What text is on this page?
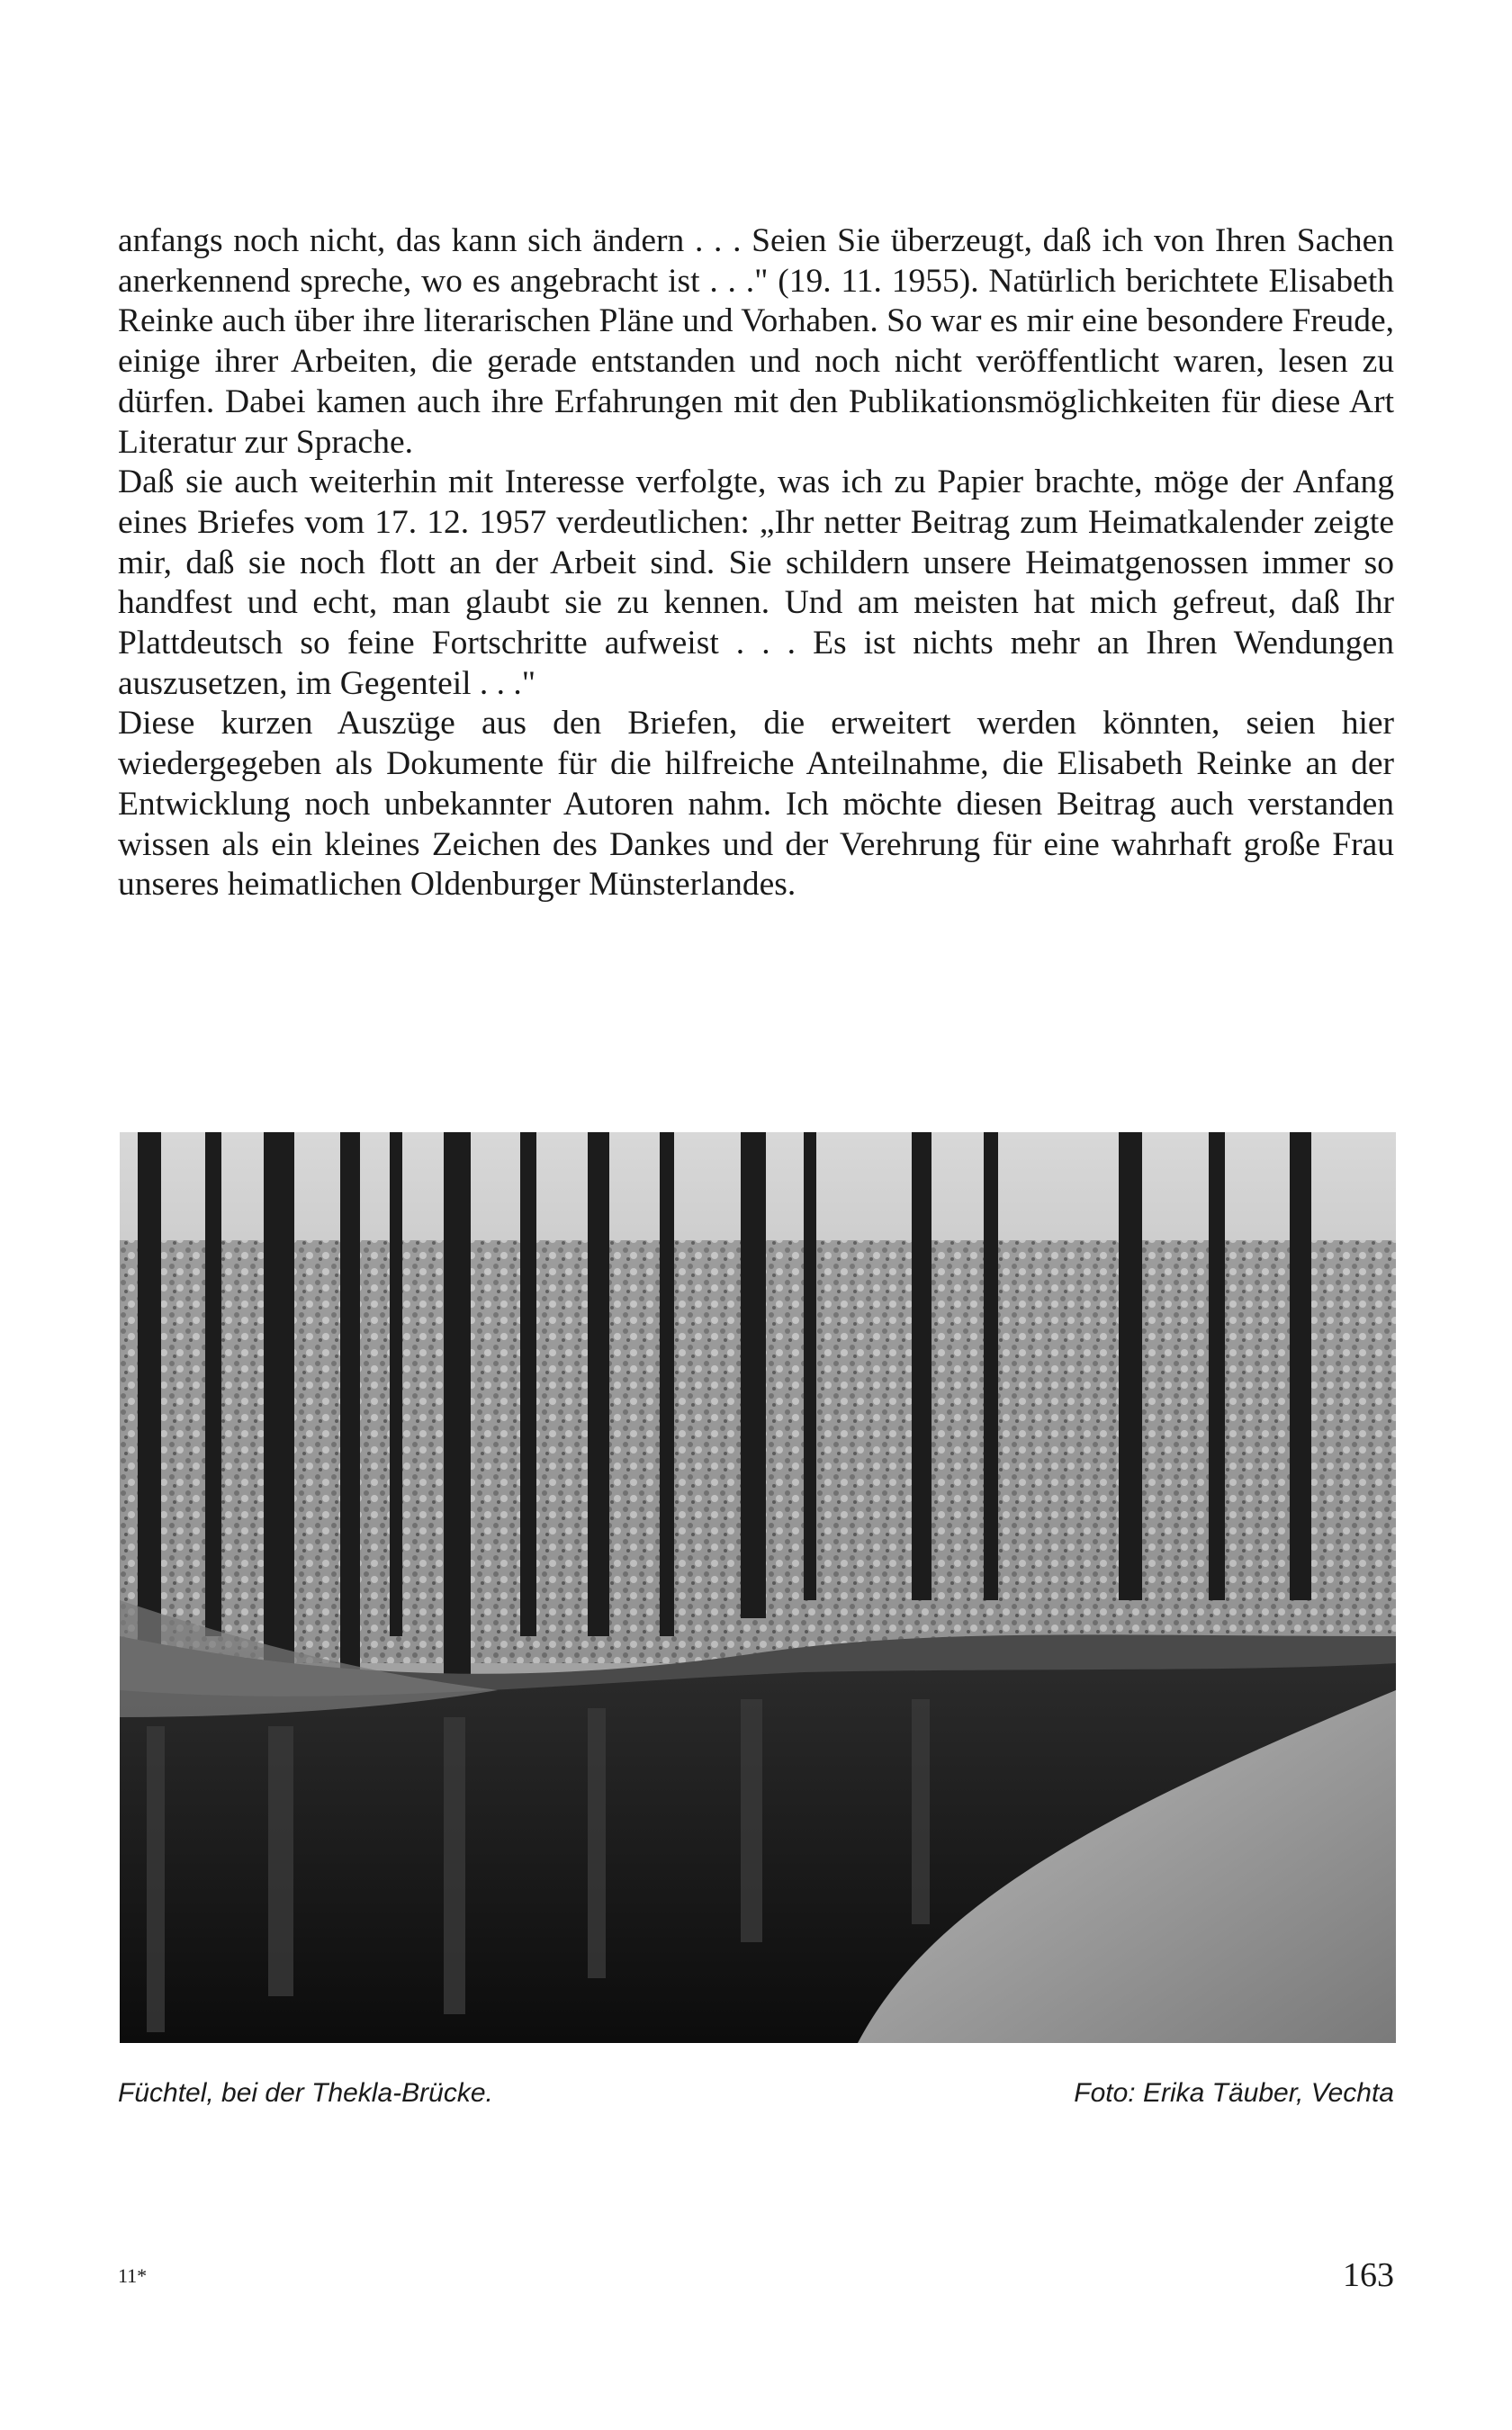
anfangs noch nicht, das kann sich ändern . . . Seien Sie überzeugt, daß ich von Ihren Sachen anerkennend spreche, wo es angebracht ist . . ." (19. 11. 1955). Natürlich berichtete Elisabeth Reinke auch über ihre literarischen Pläne und Vorhaben. So war es mir eine besondere Freude, einige ihrer Arbeiten, die gerade entstanden und noch nicht veröffentlicht waren, lesen zu dürfen. Dabei kamen auch ihre Erfahrungen mit den Publikationsmöglichkeiten für diese Art Literatur zur Sprache.

Daß sie auch weiterhin mit Interesse verfolgte, was ich zu Papier brachte, möge der Anfang eines Briefes vom 17. 12. 1957 verdeutlichen: „Ihr netter Beitrag zum Heimatkalender zeigte mir, daß sie noch flott an der Arbeit sind. Sie schildern unsere Heimatgenossen immer so handfest und echt, man glaubt sie zu kennen. Und am meisten hat mich gefreut, daß Ihr Plattdeutsch so feine Fortschritte aufweist . . . Es ist nichts mehr an Ihren Wendungen auszusetzen, im Gegenteil . . ."

Diese kurzen Auszüge aus den Briefen, die erweitert werden könnten, seien hier wiedergegeben als Dokumente für die hilfreiche Anteilnahme, die Elisabeth Reinke an der Entwicklung noch unbekannter Autoren nahm. Ich möchte diesen Beitrag auch verstanden wissen als ein kleines Zeichen des Dankes und der Verehrung für eine wahrhaft große Frau unseres heimatlichen Oldenburger Münsterlandes.

Füchtel, bei der Thekla-Brücke.	Foto: Erika Täuber, Vechta
11*	163
